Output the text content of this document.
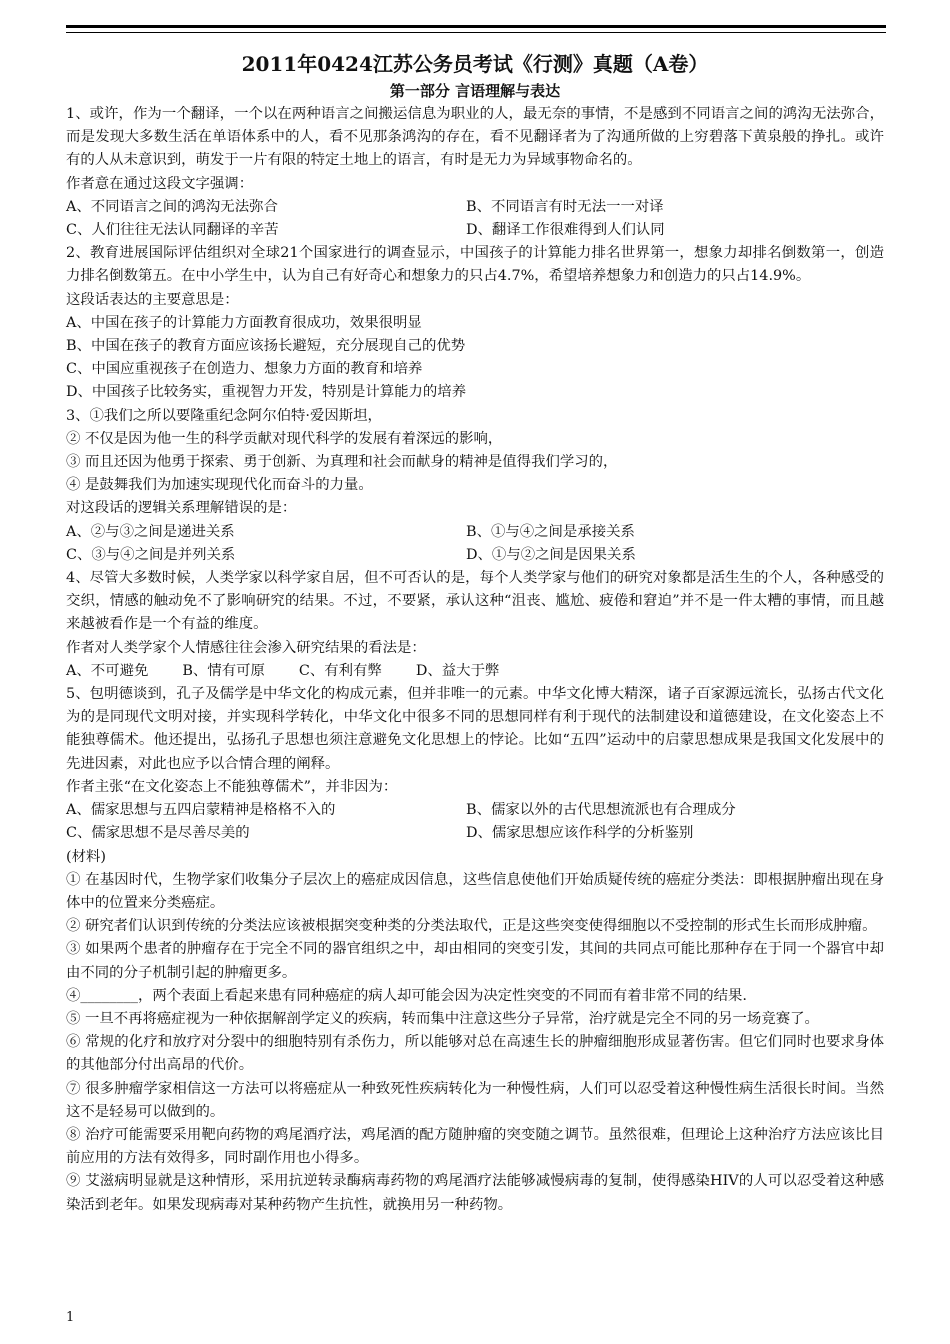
2011年0424江苏公务员考试《行测》真题（A卷）
第一部分 言语理解与表达

1、或许，作为一个翻译，一个以在两种语言之间搬运信息为职业的人，最无奈的事情，不是感到不同语言之间的鸿沟无法弥合，而是发现大多数生活在单语体系中的人，看不见那条鸿沟的存在，看不见翻译者为了沟通所做的上穷碧落下黄泉般的挣扎。或许有的人从未意识到，萌发于一片有限的特定土地上的语言，有时是无力为异域事物命名的。

作者意在通过这段文字强调：

A、不同语言之间的鸿沟无法弥合	B、不同语言有时无法一一对译
C、人们往往无法认同翻译的辛苦	D、翻译工作很难得到人们认同

2、教育进展国际评估组织对全球21个国家进行的调查显示，中国孩子的计算能力排名世界第一，想象力却排名倒数第一，创造力排名倒数第五。在中小学生中，认为自己有好奇心和想象力的只占4.7%，希望培养想象力和创造力的只占14.9%。

这段话表达的主要意思是：

A、中国在孩子的计算能力方面教育很成功，效果很明显

B、中国在孩子的教育方面应该扬长避短，充分展现自己的优势

C、中国应重视孩子在创造力、想象力方面的教育和培养

D、中国孩子比较务实，重视智力开发，特别是计算能力的培养

3、①我们之所以要隆重纪念阿尔伯特·爱因斯坦，

② 不仅是因为他一生的科学贡献对现代科学的发展有着深远的影响，

③ 而且还因为他勇于探索、勇于创新、为真理和社会而献身的精神是值得我们学习的，

④ 是鼓舞我们为加速实现现代化而奋斗的力量。

对这段话的逻辑关系理解错误的是：

A、②与③之间是递进关系	B、①与④之间是承接关系
C、③与④之间是并列关系	D、①与②之间是因果关系

4、尽管大多数时候，人类学家以科学家自居，但不可否认的是，每个人类学家与他们的研究对象都是活生生的个人，各种感受的交织，情感的触动免不了影响研究的结果。不过，不要紧，承认这种“沮丧、尴尬、疲倦和窘迫”并不是一件太糟的事情，而且越来越被看作是一个有益的维度。

作者对人类学家个人情感往往会渗入研究结果的看法是：

A、不可避免 B、情有可原 C、有利有弊 D、益大于弊

5、包明德谈到，孔子及儒学是中华文化的构成元素，但并非唯一的元素。中华文化博大精深，诸子百家源远流长，弘扬古代文化为的是同现代文明对接，并实现科学转化，中华文化中很多不同的思想同样有利于现代的法制建设和道德建设，在文化姿态上不能独尊儒术。他还提出，弘扬孔子思想也须注意避免文化思想上的悖论。比如“五四”运动中的启蒙思想成果是我国文化发展中的先进因素，对此也应予以合情合理的阐释。

作者主张“在文化姿态上不能独尊儒术”，并非因为：

A、儒家思想与五四启蒙精神是格格不入的	B、儒家以外的古代思想流派也有合理成分
C、儒家思想不是尽善尽美的	D、儒家思想应该作科学的分析鉴别

(材料)

① 在基因时代，生物学家们收集分子层次上的癌症成因信息，这些信息使他们开始质疑传统的癌症分类法：即根据肿瘤出现在身体中的位置来分类癌症。

② 研究者们认识到传统的分类法应该被根据突变种类的分类法取代，正是这些突变使得细胞以不受控制的形式生长而形成肿瘤。

③ 如果两个患者的肿瘤存在于完全不同的器官组织之中，却由相同的突变引发，其间的共同点可能比那种存在于同一个器官中却由不同的分子机制引起的肿瘤更多。

④________，两个表面上看起来患有同种癌症的病人却可能会因为决定性突变的不同而有着非常不同的结果.

⑤ 一旦不再将癌症视为一种依据解剖学定义的疾病，转而集中注意这些分子异常，治疗就是完全不同的另一场竞赛了。

⑥ 常规的化疗和放疗对分裂中的细胞特别有杀伤力，所以能够对总在高速生长的肿瘤细胞形成显著伤害。但它们同时也要求身体的其他部分付出高昂的代价。

⑦ 很多肿瘤学家相信这一方法可以将癌症从一种致死性疾病转化为一种慢性病，人们可以忍受着这种慢性病生活很长时间。当然这不是轻易可以做到的。

⑧ 治疗可能需要采用靶向药物的鸡尾酒疗法，鸡尾酒的配方随肿瘤的突变随之调节。虽然很难，但理论上这种治疗方法应该比目前应用的方法有效得多，同时副作用也小得多。

⑨ 艾滋病明显就是这种情形，采用抗逆转录酶病毒药物的鸡尾酒疗法能够减慢病毒的复制，使得感染HIV的人可以忍受着这种感染活到老年。如果发现病毒对某种药物产生抗性，就换用另一种药物。

1
